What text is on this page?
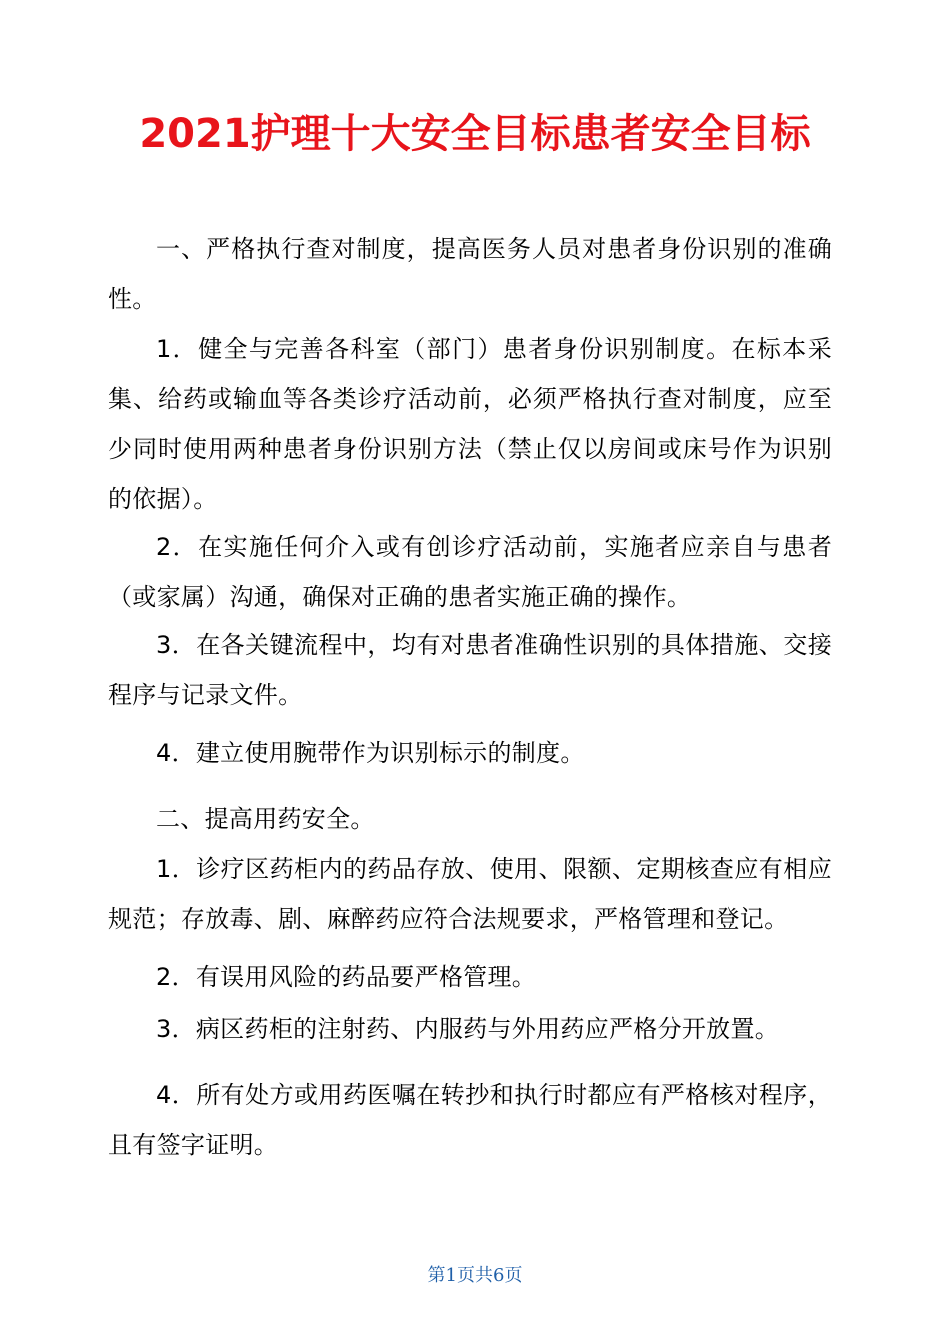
2021护理十大安全目标患者安全目标

一、严格执行查对制度，提高医务人员对患者身份识别的准确性。

1．健全与完善各科室（部门）患者身份识别制度。在标本采集、给药或输血等各类诊疗活动前，必须严格执行查对制度，应至少同时使用两种患者身份识别方法（禁止仅以房间或床号作为识别的依据）。

2．在实施任何介入或有创诊疗活动前，实施者应亲自与患者（或家属）沟通，确保对正确的患者实施正确的操作。

3．在各关键流程中，均有对患者准确性识别的具体措施、交接程序与记录文件。

4．建立使用腕带作为识别标示的制度。

二、提高用药安全。

1．诊疗区药柜内的药品存放、使用、限额、定期核查应有相应规范；存放毒、剧、麻醉药应符合法规要求，严格管理和登记。

2．有误用风险的药品要严格管理。

3．病区药柜的注射药、内服药与外用药应严格分开放置。

4．所有处方或用药医嘱在转抄和执行时都应有严格核对程序，且有签字证明。

第1页共6页
